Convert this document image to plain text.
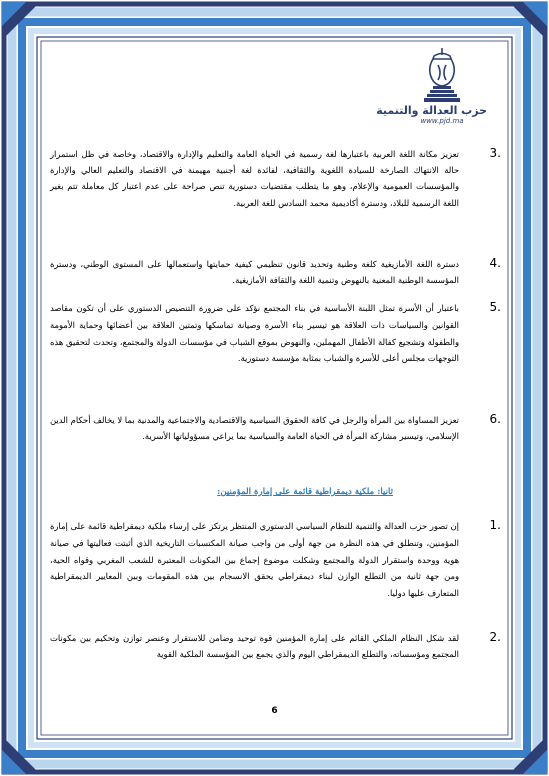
حزب العدالة والتنمية
www.pjd.ma
3.
تعزيز مكانة اللغة العربية باعتبارها لغة رسمية في الحياة العامة والتعليم والإدارة والاقتصاد، وخاصة في ظل استمرار حالة الانتهاك الصارخة للسيادة اللغوية والثقافية، لفائدة لغة أجنبية مهيمنة في الاقتصاد والتعليم العالي والإدارة والمؤسسات العمومية والإعلام، وهو ما يتطلب مقتضيات دستورية تنص صراحة على عدم اعتبار كل معاملة تتم بغير اللغة الرسمية للبلاد، ودسترة أكاديمية محمد السادس للغة العربية.
4.
دسترة اللغة الأمازيغية كلغة وطنية وتحديد قانون تنظيمي كيفية حمايتها واستعمالها على المستوى الوطني، ودسترة المؤسسة الوطنية المعنية بالنهوض وتنمية اللغة والثقافة الأمازيغية.
5.
باعتبار أن الأسرة تمثل اللبنة الأساسية في بناء المجتمع نؤكد على ضرورة التنصيص الدستوري على أن تكون مقاصد القوانين والسياسات ذات العلاقة هو تيسير بناء الأسرة وصيانة تماسكها وتمتين العلاقة بين أعضائها وحماية الأمومة والطفولة وتشجيع كفالة الأطفال المهملين، والنهوض بموقع الشباب في مؤسسات الدولة والمجتمع، وتحدث لتحقيق هذه التوجهات مجلس أعلى للأسرة والشباب بمثابة مؤسسة دستورية.
6.
تعزيز المساواة بين المرأة والرجل في كافة الحقوق السياسية والاقتصادية والاجتماعية والمدنية بما لا يخالف أحكام الدين الإسلامي، وتيسير مشاركة المرأة في الحياة العامة والسياسية بما يراعي مسؤولياتها الأسرية.
ثانيا: ملكية ديمقراطية قائمة على إمارة المؤمنين:
1.
إن تصور حزب العدالة والتنمية للنظام السياسي الدستوري المنتظر يرتكز على إرساء ملكية ديمقراطية قائمة على إمارة المؤمنين، وتنطلق في هذه النظرة من جهة أولى من واجب صيانة المكتسبات التاريخية الذي أثبتت فعاليتها في صيانة هوية ووحدة واستقرار الدولة والمجتمع وشكلت موضوع إجماع بين المكونات المعتبرة للشعب المغربي وقواه الحية، ومن جهة ثانية من التطلع الوازن لبناء ديمقراطي يحقق الانسجام بين هذه المقومات وبين المعايير الديمقراطية المتعارف عليها دوليا.
2.
لقد شكل النظام الملكي القائم على إمارة المؤمنين قوة توحيد وضامن للاستقرار وعنصر توازن وتحكيم بين مكونات المجتمع ومؤسساته، والتطلع الديمقراطي اليوم والذي يجمع بين المؤسسة الملكية القوية
6
